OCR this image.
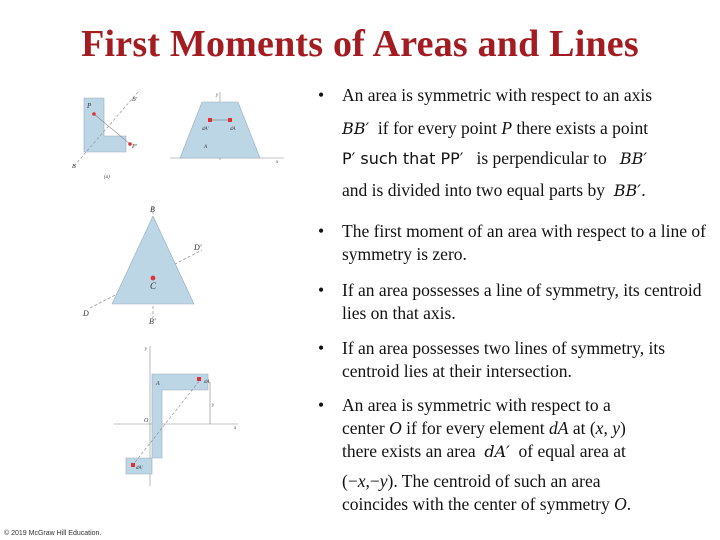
First Moments of Areas and Lines
P
P′
B′
B
(a)
y
dA′	dA
A
x
B
D′
C
D
B′
y
A	dA
O
x
y
dA′
• An area is symmetric with respect to an axis
BB′ if for every point P there exists a point
P′ such that PP′ is perpendicular to BB′
and is divided into two equal parts by BB′.
• The first moment of an area with respect to a line of symmetry is zero.
• If an area possesses a line of symmetry, its centroid lies on that axis.
• If an area possesses two lines of symmetry, its centroid lies at their intersection.
• An area is symmetric with respect to a
center O if for every element dA at (x, y)
there exists an area dA′ of equal area at
(−x,−y). The centroid of such an area
coincides with the center of symmetry O.
© 2019 McGraw Hill Education.
